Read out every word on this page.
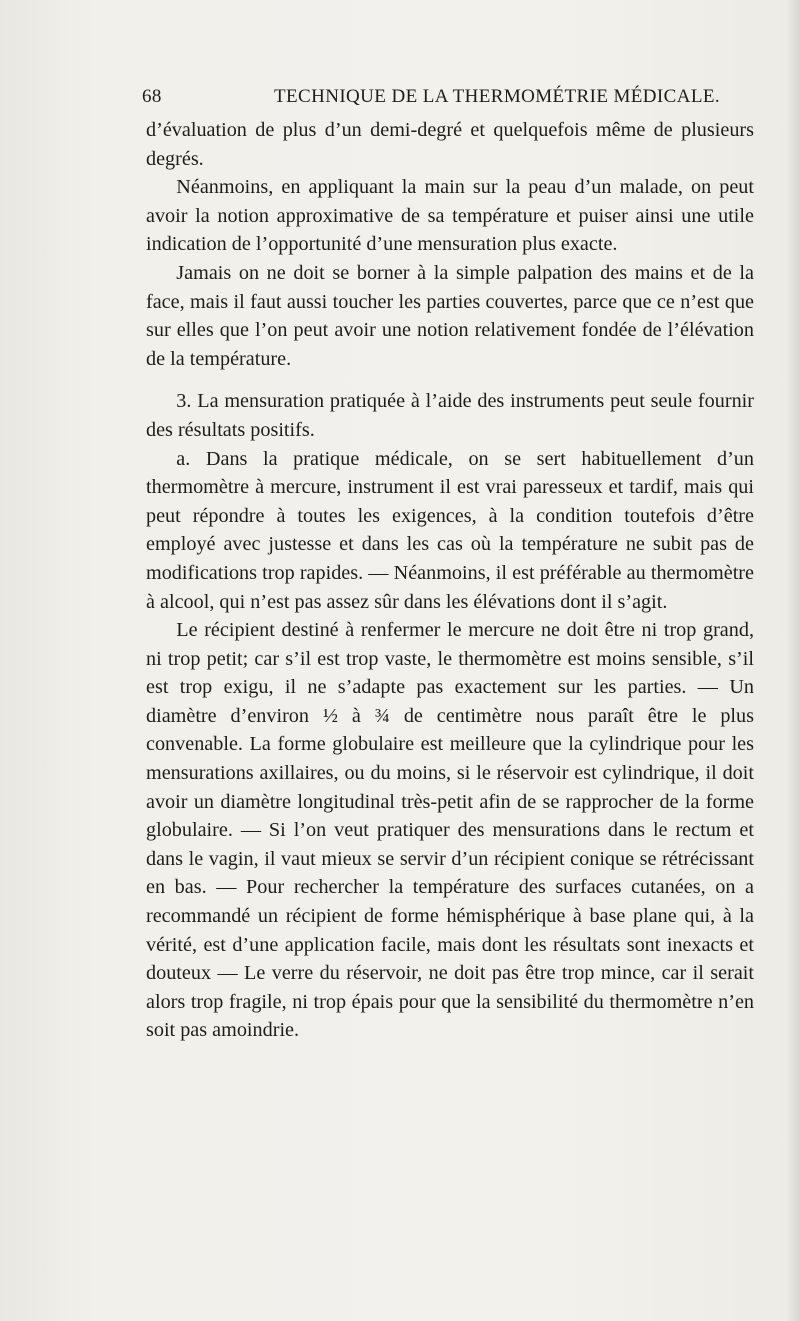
68	TECHNIQUE DE LA THERMOMÉTRIE MÉDICALE.

d’évaluation de plus d’un demi-degré et quelquefois même de plusieurs degrés.

Néanmoins, en appliquant la main sur la peau d’un malade, on peut avoir la notion approximative de sa température et puiser ainsi une utile indication de l’opportunité d’une mensuration plus exacte.

Jamais on ne doit se borner à la simple palpation des mains et de la face, mais il faut aussi toucher les parties couvertes, parce que ce n’est que sur elles que l’on peut avoir une notion relativement fondée de l’élévation de la température.

3. La mensuration pratiquée à l’aide des instruments peut seule fournir des résultats positifs.

a. Dans la pratique médicale, on se sert habituellement d’un thermomètre à mercure, instrument il est vrai paresseux et tardif, mais qui peut répondre à toutes les exigences, à la condition toutefois d’être employé avec justesse et dans les cas où la température ne subit pas de modifications trop rapides. — Néanmoins, il est préférable au thermomètre à alcool, qui n’est pas assez sûr dans les élévations dont il s’agit.

Le récipient destiné à renfermer le mercure ne doit être ni trop grand, ni trop petit; car s’il est trop vaste, le thermomètre est moins sensible, s’il est trop exigu, il ne s’adapte pas exactement sur les parties. — Un diamètre d’environ ½ à ¾ de centimètre nous paraît être le plus convenable. La forme globulaire est meilleure que la cylindrique pour les mensurations axillaires, ou du moins, si le réservoir est cylindrique, il doit avoir un diamètre longitudinal très-petit afin de se rapprocher de la forme globulaire. — Si l’on veut pratiquer des mensurations dans le rectum et dans le vagin, il vaut mieux se servir d’un récipient conique se rétrécissant en bas. — Pour rechercher la température des surfaces cutanées, on a recommandé un récipient de forme hémisphérique à base plane qui, à la vérité, est d’une application facile, mais dont les résultats sont inexacts et douteux — Le verre du réservoir, ne doit pas être trop mince, car il serait alors trop fragile, ni trop épais pour que la sensibilité du thermomètre n’en soit pas amoindrie.
